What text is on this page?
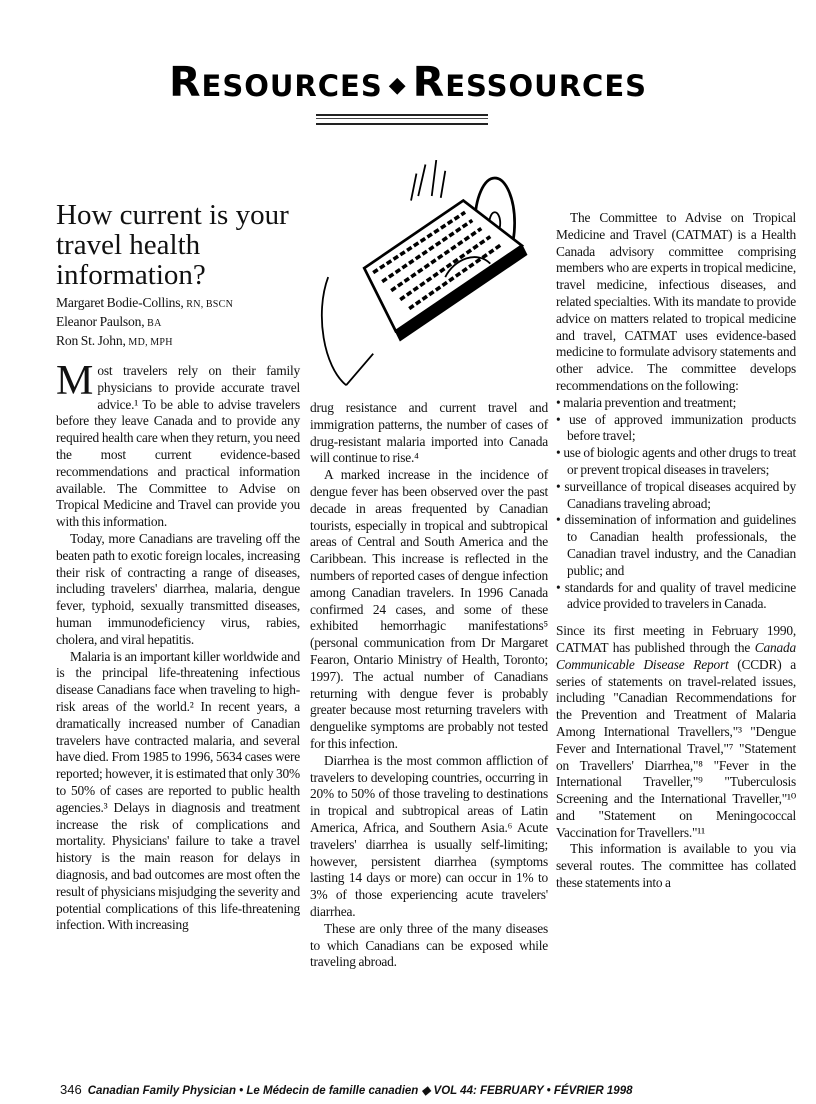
Resources ◆ Ressources
How current is your travel health information?

Margaret Bodie-Collins, RN, BSCN

Eleanor Paulson, BA

Ron St. John, MD, MPH

Most travelers rely on their family physicians to provide accurate travel advice.¹ To be able to advise travelers before they leave Canada and to provide any required health care when they return, you need the most current evidence-based recommendations and practical information available. The Committee to Advise on Tropical Medicine and Travel can provide you with this information.

Today, more Canadians are traveling off the beaten path to exotic foreign locales, increasing their risk of contracting a range of diseases, including travelers' diarrhea, malaria, dengue fever, typhoid, sexually transmitted diseases, human immunodeficiency virus, rabies, cholera, and viral hepatitis.

Malaria is an important killer worldwide and is the principal life-threatening infectious disease Canadians face when traveling to high-risk areas of the world.² In recent years, a dramatically increased number of Canadian travelers have contracted malaria, and several have died. From 1985 to 1996, 5634 cases were reported; however, it is estimated that only 30% to 50% of cases are reported to public health agencies.³ Delays in diagnosis and treatment increase the risk of complications and mortality. Physicians' failure to take a travel history is the main reason for delays in diagnosis, and bad outcomes are most often the result of physicians misjudging the severity and potential complications of this life-threatening infection. With increasing

drug resistance and current travel and immigration patterns, the number of cases of drug-resistant malaria imported into Canada will continue to rise.⁴

A marked increase in the incidence of dengue fever has been observed over the past decade in areas frequented by Canadian tourists, especially in tropical and subtropical areas of Central and South America and the Caribbean. This increase is reflected in the numbers of reported cases of dengue infection among Canadian travelers. In 1996 Canada confirmed 24 cases, and some of these exhibited hemorrhagic manifestations⁵ (personal communication from Dr Margaret Fearon, Ontario Ministry of Health, Toronto; 1997). The actual number of Canadians returning with dengue fever is probably greater because most returning travelers with denguelike symptoms are probably not tested for this infection.

Diarrhea is the most common affliction of travelers to developing countries, occurring in 20% to 50% of those traveling to destinations in tropical and subtropical areas of Latin America, Africa, and Southern Asia.⁶ Acute travelers' diarrhea is usually self-limiting; however, persistent diarrhea (symptoms lasting 14 days or more) can occur in 1% to 3% of those experiencing acute travelers' diarrhea.

These are only three of the many diseases to which Canadians can be exposed while traveling abroad.

The Committee to Advise on Tropical Medicine and Travel (CATMAT) is a Health Canada advisory committee comprising members who are experts in tropical medicine, travel medicine, infectious diseases, and related specialties. With its mandate to provide advice on matters related to tropical medicine and travel, CATMAT uses evidence-based medicine to formulate advisory statements and other advice. The committee develops recommendations on the following:

• malaria prevention and treatment;
• use of approved immunization products before travel;
• use of biologic agents and other drugs to treat or prevent tropical diseases in travelers;
• surveillance of tropical diseases acquired by Canadians traveling abroad;
• dissemination of information and guidelines to Canadian health professionals, the Canadian travel industry, and the Canadian public; and
• standards for and quality of travel medicine advice provided to travelers in Canada.

Since its first meeting in February 1990, CATMAT has published through the Canada Communicable Disease Report (CCDR) a series of statements on travel-related issues, including "Canadian Recommendations for the Prevention and Treatment of Malaria Among International Travellers,"³ "Dengue Fever and International Travel,"⁷ "Statement on Travellers' Diarrhea,"⁸ "Fever in the International Traveller,"⁹ "Tuberculosis Screening and the International Traveller,"¹⁰ and "Statement on Meningococcal Vaccination for Travellers."¹¹

This information is available to you via several routes. The committee has collated these statements into a

346 Canadian Family Physician • Le Médecin de famille canadien ◆ VOL 44: FEBRUARY • FÉVRIER 1998
